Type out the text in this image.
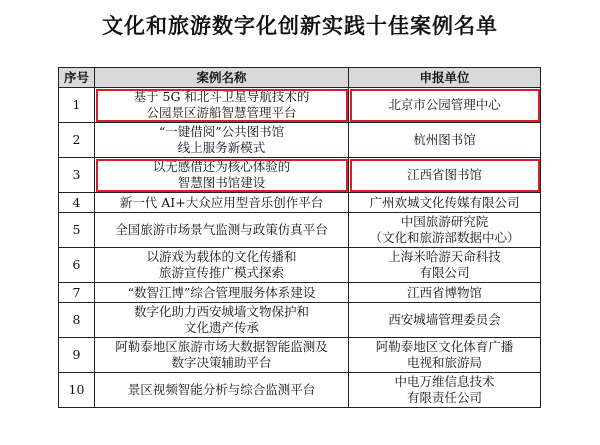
文化和旅游数字化创新实践十佳案例名单
序号	案例名称	申报单位
1	基于 5G 和北斗卫星导航技术的
公园景区游船智慧管理平台	北京市公园管理中心

2	“一键借阅”公共图书馆
线上服务新模式	杭州图书馆

3	以无感借还为核心体验的
智慧图书馆建设	江西省图书馆

4	新一代 AI+大众应用型音乐创作平台	广州欢城文化传媒有限公司

5	全国旅游市场景气监测与政策仿真平台	中国旅游研究院
（文化和旅游部数据中心）

6	以游戏为载体的文化传播和
旅游宣传推广模式探索	上海米哈游天命科技
有限公司

7	“数智江博”综合管理服务体系建设	江西省博物馆

8	数字化助力西安城墙文物保护和
文化遗产传承	西安城墙管理委员会

9	阿勒泰地区旅游市场大数据智能监测及
数字决策辅助平台	阿勒泰地区文化体育广播
电视和旅游局

10	景区视频智能分析与综合监测平台	中电万维信息技术
有限责任公司
